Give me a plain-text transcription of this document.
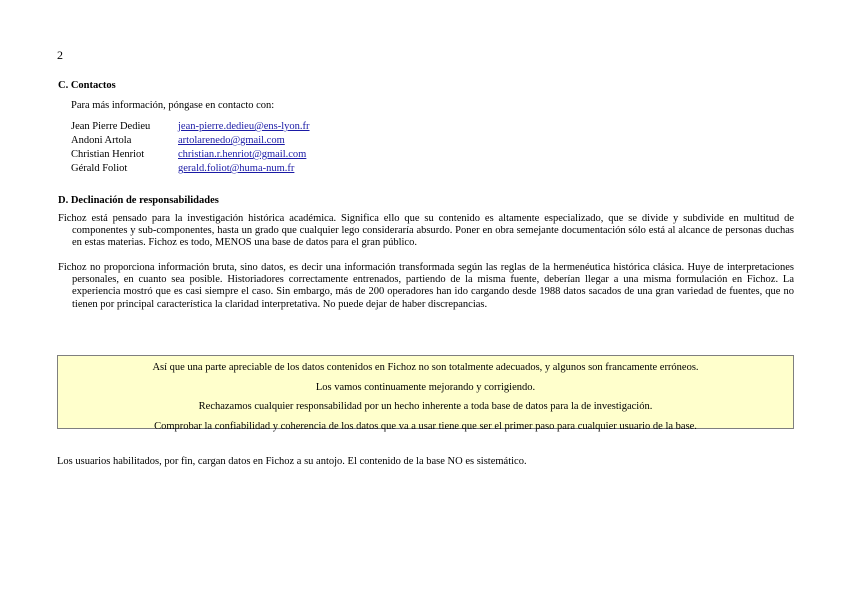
2
C. Contactos
Para más información, póngase en contacto con:
Jean Pierre Dedieu	jean-pierre.dedieu@ens-lyon.fr
Andoni Artola	artolarenedo@gmail.com
Christian Henriot	christian.r.henriot@gmail.com
Gérald Foliot	gerald.foliot@huma-num.fr
D. Declinación de responsabilidades
Fichoz está pensado para la investigación histórica académica. Significa ello que su contenido es altamente especializado, que se divide y subdivide en multitud de componentes y sub-componentes, hasta un grado que cualquier lego consideraría absurdo. Poner en obra semejante documentación sólo está al alcance de personas duchas en estas materias. Fichoz es todo, MENOS una base de datos para el gran público.
Fichoz no proporciona información bruta, sino datos, es decir una información transformada según las reglas de la hermenéutica histórica clásica. Huye de interpretaciones personales, en cuanto sea posible. Historiadores correctamente entrenados, partiendo de la misma fuente, deberían llegar a una misma formulación en Fichoz. La experiencia mostró que es casi siempre el caso. Sin embargo, más de 200 operadores han ido cargando desde 1988 datos sacados de una gran variedad de fuentes, que no tienen por principal característica la claridad interpretativa. No puede dejar de haber discrepancias.
Así que una parte apreciable de los datos contenidos en Fichoz no son totalmente adecuados, y algunos son francamente erróneos.
Los vamos continuamente mejorando y corrigiendo.
Rechazamos cualquier responsabilidad por un hecho inherente a toda base de datos para la de investigación.
Comprobar la confiabilidad y coherencia de los datos que va a usar tiene que ser el primer paso para cualquier usuario de la base.
Los usuarios habilitados, por fin, cargan datos en Fichoz a su antojo. El contenido de la base NO es sistemático.
